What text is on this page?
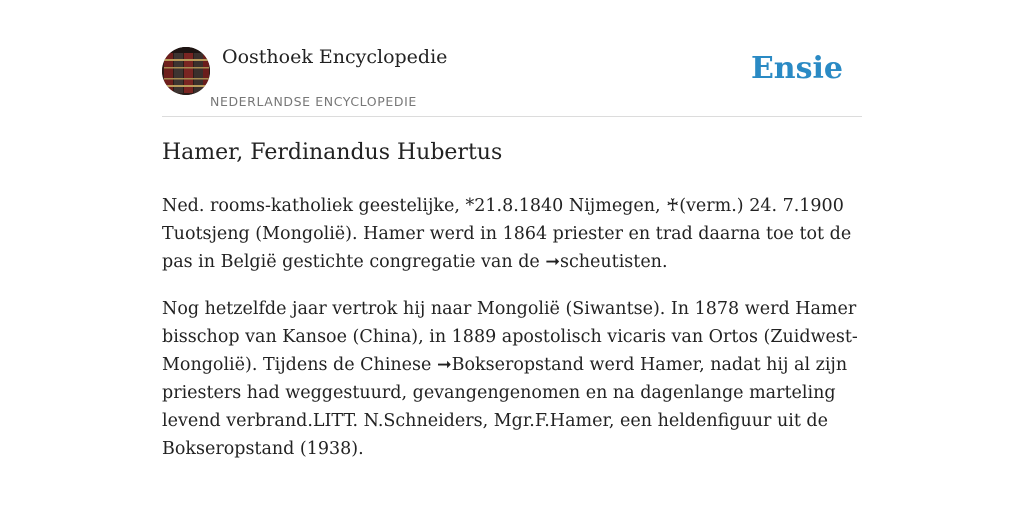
Oosthoek Encyclopedie
NEDERLANDSE ENCYCLOPEDIE
Ensie
Hamer, Ferdinandus Hubertus

Ned. rooms-katholiek geestelijke, *21.8.1840 Nijmegen, ♰(verm.) 24. 7.1900 Tuotsjeng (Mongolië). Hamer werd in 1864 priester en trad daarna toe tot de pas in België gestichte congregatie van de ➞scheutisten.

Nog hetzelfde jaar vertrok hij naar Mongolië (Siwantse). In 1878 werd Hamer bisschop van Kansoe (China), in 1889 apostolisch vicaris van Ortos (Zuidwest-Mongolië). Tijdens de Chinese ➞Bokseropstand werd Hamer, nadat hij al zijn priesters had weggestuurd, gevangengenomen en na dagenlange marteling levend verbrand.LITT. N.Schneiders, Mgr.F.Hamer, een heldenfiguur uit de Bokseropstand (1938).
